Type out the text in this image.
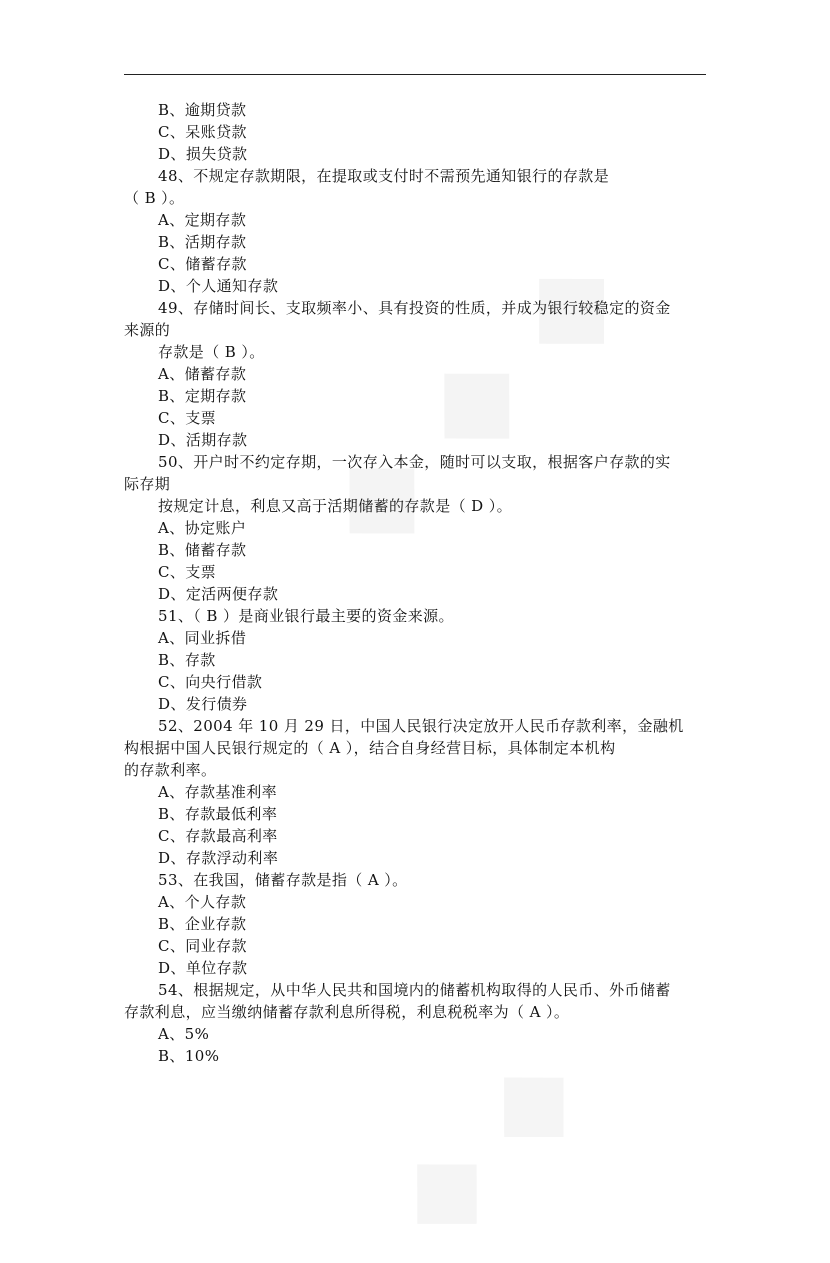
B、逾期贷款

C、呆账贷款

D、损失贷款

48、不规定存款期限，在提取或支付时不需预先通知银行的存款是

（ B ）。

A、定期存款

B、活期存款

C、储蓄存款

D、个人通知存款

49、存储时间长、支取频率小、具有投资的性质，并成为银行较稳定的资金

来源的

存款是（ B ）。

A、储蓄存款

B、定期存款

C、支票

D、活期存款

50、开户时不约定存期，一次存入本金，随时可以支取，根据客户存款的实

际存期

按规定计息，利息又高于活期储蓄的存款是（ D ）。

A、协定账户

B、储蓄存款

C、支票

D、定活两便存款

51、（ B ）是商业银行最主要的资金来源。

A、同业拆借

B、存款

C、向央行借款

D、发行债券

52、2004 年 10 月 29 日，中国人民银行决定放开人民币存款利率，金融机

构根据中国人民银行规定的（ A ），结合自身经营目标，具体制定本机构

的存款利率。

A、存款基准利率

B、存款最低利率

C、存款最高利率

D、存款浮动利率

53、在我国，储蓄存款是指（ A ）。

A、个人存款

B、企业存款

C、同业存款

D、单位存款

54、根据规定，从中华人民共和国境内的储蓄机构取得的人民币、外币储蓄

存款利息，应当缴纳储蓄存款利息所得税，利息税税率为（ A ）。

A、5%

B、10%
